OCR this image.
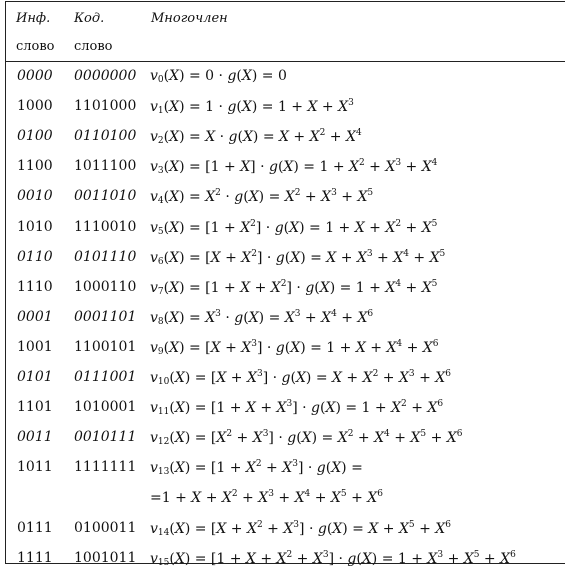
Инф.
слово
Код.
слово
Многочлен
0000 0000000 $v_0(X) = 0 \cdot g(X) = 0$
1000 1101000 $v_1(X) = 1 \cdot g(X) = 1 + X + X^3$
0100 0110100 $v_2(X) = X \cdot g(X) = X + X^2 + X^4$
1100 1011100 $v_3(X) = [1 + X] \cdot g(X) = 1 + X^2 + X^3 + X^4$
0010 0011010 $v_4(X) = X^2 \cdot g(X) = X^2 + X^3 + X^5$
1010 1110010 $v_5(X) = [1 + X^2] \cdot g(X) = 1 + X + X^2 + X^5$
0110 0101110 $v_6(X) = [X + X^2] \cdot g(X) = X + X^3 + X^4 + X^5$
1110 1000110 $v_7(X) = [1 + X + X^2] \cdot g(X) = 1 + X^4 + X^5$
0001 0001101 $v_8(X) = X^3 \cdot g(X) = X^3 + X^4 + X^6$
1001 1100101 $v_9(X) = [X + X^3] \cdot g(X) = 1 + X + X^4 + X^6$
0101 0111001 $v_{10}(X) = [X + X^3] \cdot g(X) = X + X^2 + X^3 + X^6$
1101 1010001 $v_{11}(X) = [1 + X + X^3] \cdot g(X) = 1 + X^2 + X^6$
0011 0010111 $v_{12}(X) = [X^2 + X^3] \cdot g(X) = X^2 + X^4 + X^5 + X^6$
1011 1111111 $v_{13}(X) = [1 + X^2 + X^3] \cdot g(X)$ =
$=1 + X + X^2 + X^3 + X^4 + X^5 + X^6$
0111 0100011 $v_{14}(X) = [X + X^2 + X^3] \cdot g(X) = X + X^5 + X^6$
1111 1001011 $v_{15}(X) = [1 + X + X^2 + X^3] \cdot g(X) = 1 + X^3 + X^5 + X^6$
